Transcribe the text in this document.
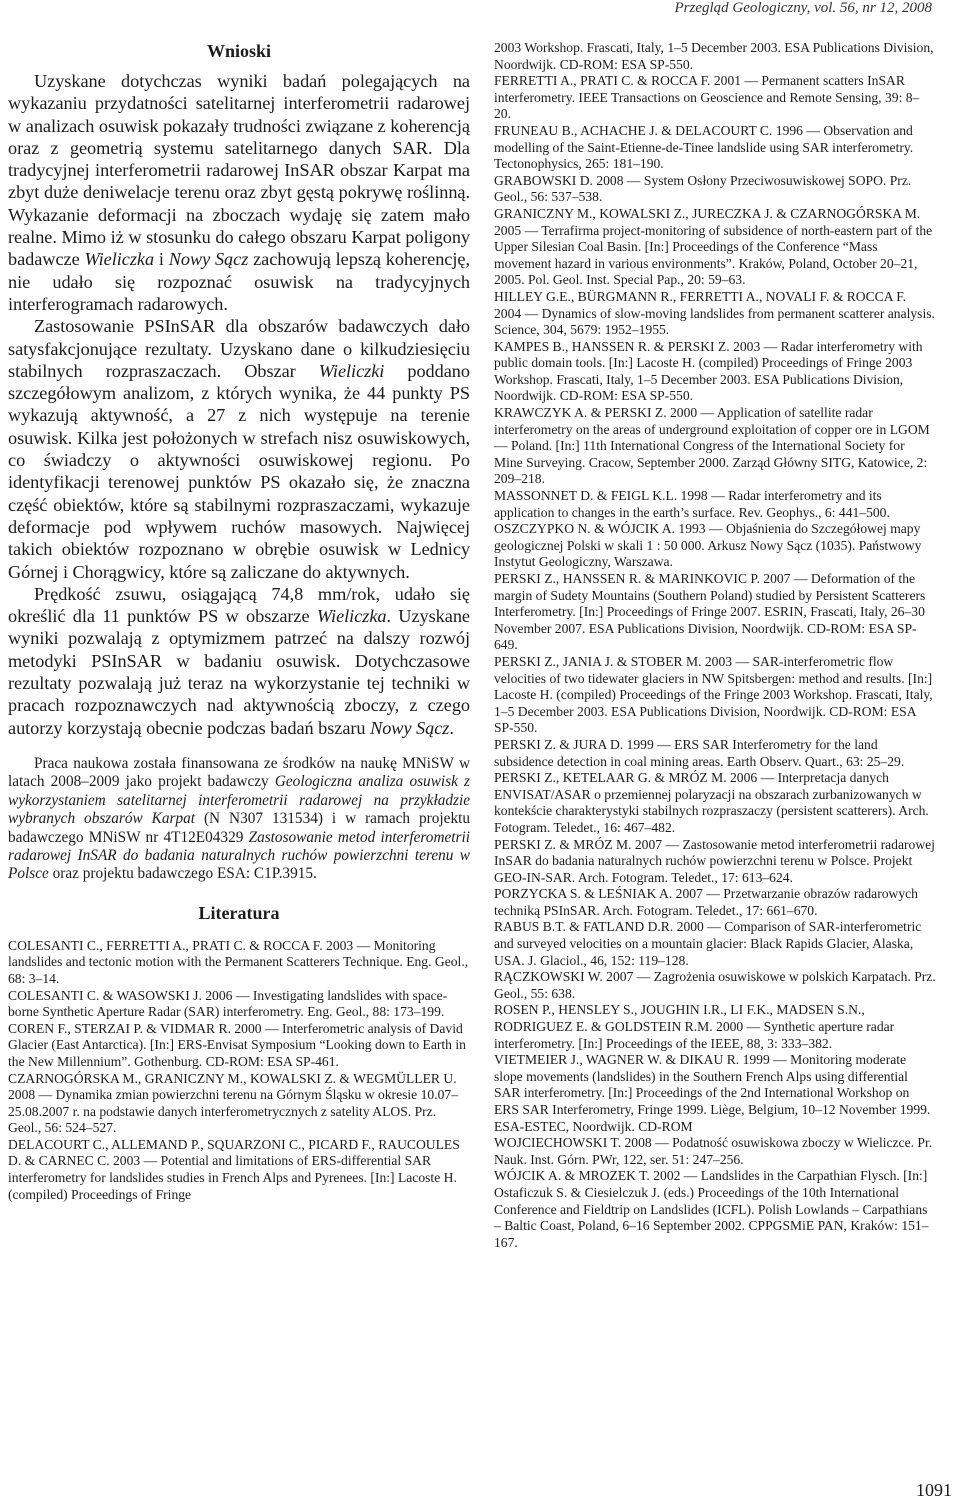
Przegląd Geologiczny, vol. 56, nr 12, 2008
Wnioski

Uzyskane dotychczas wyniki badań polegających na wykazaniu przydatności satelitarnej interferometrii radarowej w analizach osuwisk pokazały trudności związane z koherencją oraz z geometrią systemu satelitarnego danych SAR. Dla tradycyjnej interferometrii radarowej InSAR obszar Karpat ma zbyt duże deniwelacje terenu oraz zbyt gęstą pokrywę roślinną. Wykazanie deformacji na zboczach wydaję się zatem mało realne. Mimo iż w stosunku do całego obszaru Karpat poligony badawcze Wieliczka i Nowy Sącz zachowują lepszą koherencję, nie udało się rozpoznać osuwisk na tradycyjnych interferogramach radarowych.

Zastosowanie PSInSAR dla obszarów badawczych dało satysfakcjonujące rezultaty. Uzyskano dane o kilkudziesięciu stabilnych rozpraszaczach. Obszar Wieliczki poddano szczegółowym analizom, z których wynika, że 44 punkty PS wykazują aktywność, a 27 z nich występuje na terenie osuwisk. Kilka jest położonych w strefach nisz osuwiskowych, co świadczy o aktywności osuwiskowej regionu. Po identyfikacji terenowej punktów PS okazało się, że znaczna część obiektów, które są stabilnymi rozpraszaczami, wykazuje deformacje pod wpływem ruchów masowych. Najwięcej takich obiektów rozpoznano w obrębie osuwisk w Lednicy Górnej i Chorągwicy, które są zaliczane do aktywnych.

Prędkość zsuwu, osiągającą 74,8 mm/rok, udało się określić dla 11 punktów PS w obszarze Wieliczka. Uzyskane wyniki pozwalają z optymizmem patrzeć na dalszy rozwój metodyki PSInSAR w badaniu osuwisk. Dotychczasowe rezultaty pozwalają już teraz na wykorzystanie tej techniki w pracach rozpoznawczych nad aktywnością zboczy, z czego autorzy korzystają obecnie podczas badań bszaru Nowy Sącz.

Praca naukowa została finansowana ze środków na naukę MNiSW w latach 2008–2009 jako projekt badawczy Geologiczna analiza osuwisk z wykorzystaniem satelitarnej interferometrii radarowej na przykładzie wybranych obszarów Karpat (N N307 131534) i w ramach projektu badawczego MNiSW nr 4T12E04329 Zastosowanie metod interferometrii radarowej InSAR do badania naturalnych ruchów powierzchni terenu w Polsce oraz projektu badawczego ESA: C1P.3915.

Literatura
COLESANTI C., FERRETTI A., PRATI C. & ROCCA F. 2003 — Monitoring landslides and tectonic motion with the Permanent Scatterers Technique. Eng. Geol., 68: 3–14.
COLESANTI C. & WASOWSKI J. 2006 — Investigating landslides with space-borne Synthetic Aperture Radar (SAR) interferometry. Eng. Geol., 88: 173–199.
COREN F., STERZAI P. & VIDMAR R. 2000 — Interferometric analysis of David Glacier (East Antarctica). [In:] ERS-Envisat Symposium “Looking down to Earth in the New Millennium”. Gothenburg. CD-ROM: ESA SP-461.
CZARNOGÓRSKA M., GRANICZNY M., KOWALSKI Z. & WEGMÜLLER U. 2008 — Dynamika zmian powierzchni terenu na Górnym Śląsku w okresie 10.07–25.08.2007 r. na podstawie danych interferometrycznych z satelity ALOS. Prz. Geol., 56: 524–527.
DELACOURT C., ALLEMAND P., SQUARZONI C., PICARD F., RAUCOULES D. & CARNEC C. 2003 — Potential and limitations of ERS-differential SAR interferometry for landslides studies in French Alps and Pyrenees. [In:] Lacoste H. (compiled) Proceedings of Fringe
2003 Workshop. Frascati, Italy, 1–5 December 2003. ESA Publications Division, Noordwijk. CD-ROM: ESA SP-550.
FERRETTI A., PRATI C. & ROCCA F. 2001 — Permanent scatters InSAR interferometry. IEEE Transactions on Geoscience and Remote Sensing, 39: 8–20.
FRUNEAU B., ACHACHE J. & DELACOURT C. 1996 — Observation and modelling of the Saint-Etienne-de-Tinee landslide using SAR interferometry. Tectonophysics, 265: 181–190.
GRABOWSKI D. 2008 — System Osłony Przeciwosuwiskowej SOPO. Prz. Geol., 56: 537–538.
GRANICZNY M., KOWALSKI Z., JURECZKA J. & CZARNOGÓRSKA M. 2005 — Terrafirma project-monitoring of subsidence of north-eastern part of the Upper Silesian Coal Basin. [In:] Proceedings of the Conference “Mass movement hazard in various environments”. Kraków, Poland, October 20–21, 2005. Pol. Geol. Inst. Special Pap., 20: 59–63.
HILLEY G.E., BÜRGMANN R., FERRETTI A., NOVALI F. & ROCCA F. 2004 — Dynamics of slow-moving landslides from permanent scatterer analysis. Science, 304, 5679: 1952–1955.
KAMPES B., HANSSEN R. & PERSKI Z. 2003 — Radar interferometry with public domain tools. [In:] Lacoste H. (compiled) Proceedings of Fringe 2003 Workshop. Frascati, Italy, 1–5 December 2003. ESA Publications Division, Noordwijk. CD-ROM: ESA SP-550.
KRAWCZYK A. & PERSKI Z. 2000 — Application of satellite radar interferometry on the areas of underground exploitation of copper ore in LGOM — Poland. [In:] 11th International Congress of the International Society for Mine Surveying. Cracow, September 2000. Zarząd Główny SITG, Katowice, 2: 209–218.
MASSONNET D. & FEIGL K.L. 1998 — Radar interferometry and its application to changes in the earth’s surface. Rev. Geophys., 6: 441–500.
OSZCZYPKO N. & WÓJCIK A. 1993 — Objaśnienia do Szczegółowej mapy geologicznej Polski w skali 1 : 50 000. Arkusz Nowy Sącz (1035). Państwowy Instytut Geologiczny, Warszawa.
PERSKI Z., HANSSEN R. & MARINKOVIC P. 2007 — Deformation of the margin of Sudety Mountains (Southern Poland) studied by Persistent Scatterers Interferometry. [In:] Proceedings of Fringe 2007. ESRIN, Frascati, Italy, 26–30 November 2007. ESA Publications Division, Noordwijk. CD-ROM: ESA SP-649.
PERSKI Z., JANIA J. & STOBER M. 2003 — SAR-interferometric flow velocities of two tidewater glaciers in NW Spitsbergen: method and results. [In:] Lacoste H. (compiled) Proceedings of the Fringe 2003 Workshop. Frascati, Italy, 1–5 December 2003. ESA Publications Division, Noordwijk. CD-ROM: ESA SP-550.
PERSKI Z. & JURA D. 1999 — ERS SAR Interferometry for the land subsidence detection in coal mining areas. Earth Observ. Quart., 63: 25–29.
PERSKI Z., KETELAAR G. & MRÓZ M. 2006 — Interpretacja danych ENVISAT/ASAR o przemiennej polaryzacji na obszarach zurbanizowanych w kontekście charakterystyki stabilnych rozpraszaczy (persistent scatterers). Arch. Fotogram. Teledet., 16: 467–482.
PERSKI Z. & MRÓZ M. 2007 — Zastosowanie metod interferometrii radarowej InSAR do badania naturalnych ruchów powierzchni terenu w Polsce. Projekt GEO-IN-SAR. Arch. Fotogram. Teledet., 17: 613–624.
PORZYCKA S. & LEŚNIAK A. 2007 — Przetwarzanie obrazów radarowych techniką PSInSAR. Arch. Fotogram. Teledet., 17: 661–670.
RABUS B.T. & FATLAND D.R. 2000 — Comparison of SAR-interferometric and surveyed velocities on a mountain glacier: Black Rapids Glacier, Alaska, USA. J. Glaciol., 46, 152: 119–128.
RĄCZKOWSKI W. 2007 — Zagrożenia osuwiskowe w polskich Karpatach. Prz. Geol., 55: 638.
ROSEN P., HENSLEY S., JOUGHIN I.R., LI F.K., MADSEN S.N., RODRIGUEZ E. & GOLDSTEIN R.M. 2000 — Synthetic aperture radar interferometry. [In:] Proceedings of the IEEE, 88, 3: 333–382.
VIETMEIER J., WAGNER W. & DIKAU R. 1999 — Monitoring moderate slope movements (landslides) in the Southern French Alps using differential SAR interferometry. [In:] Proceedings of the 2nd International Workshop on ERS SAR Interferometry, Fringe 1999. Liège, Belgium, 10–12 November 1999. ESA-ESTEC, Noordwijk. CD-ROM
WOJCIECHOWSKI T. 2008 — Podatność osuwiskowa zboczy w Wieliczce. Pr. Nauk. Inst. Górn. PWr, 122, ser. 51: 247–256.
WÓJCIK A. & MROZEK T. 2002 — Landslides in the Carpathian Flysch. [In:] Ostaficzuk S. & Ciesielczuk J. (eds.) Proceedings of the 10th International Conference and Fieldtrip on Landslides (ICFL). Polish Lowlands – Carpathians – Baltic Coast, Poland, 6–16 September 2002. CPPGSMiE PAN, Kraków: 151–167.
1091
